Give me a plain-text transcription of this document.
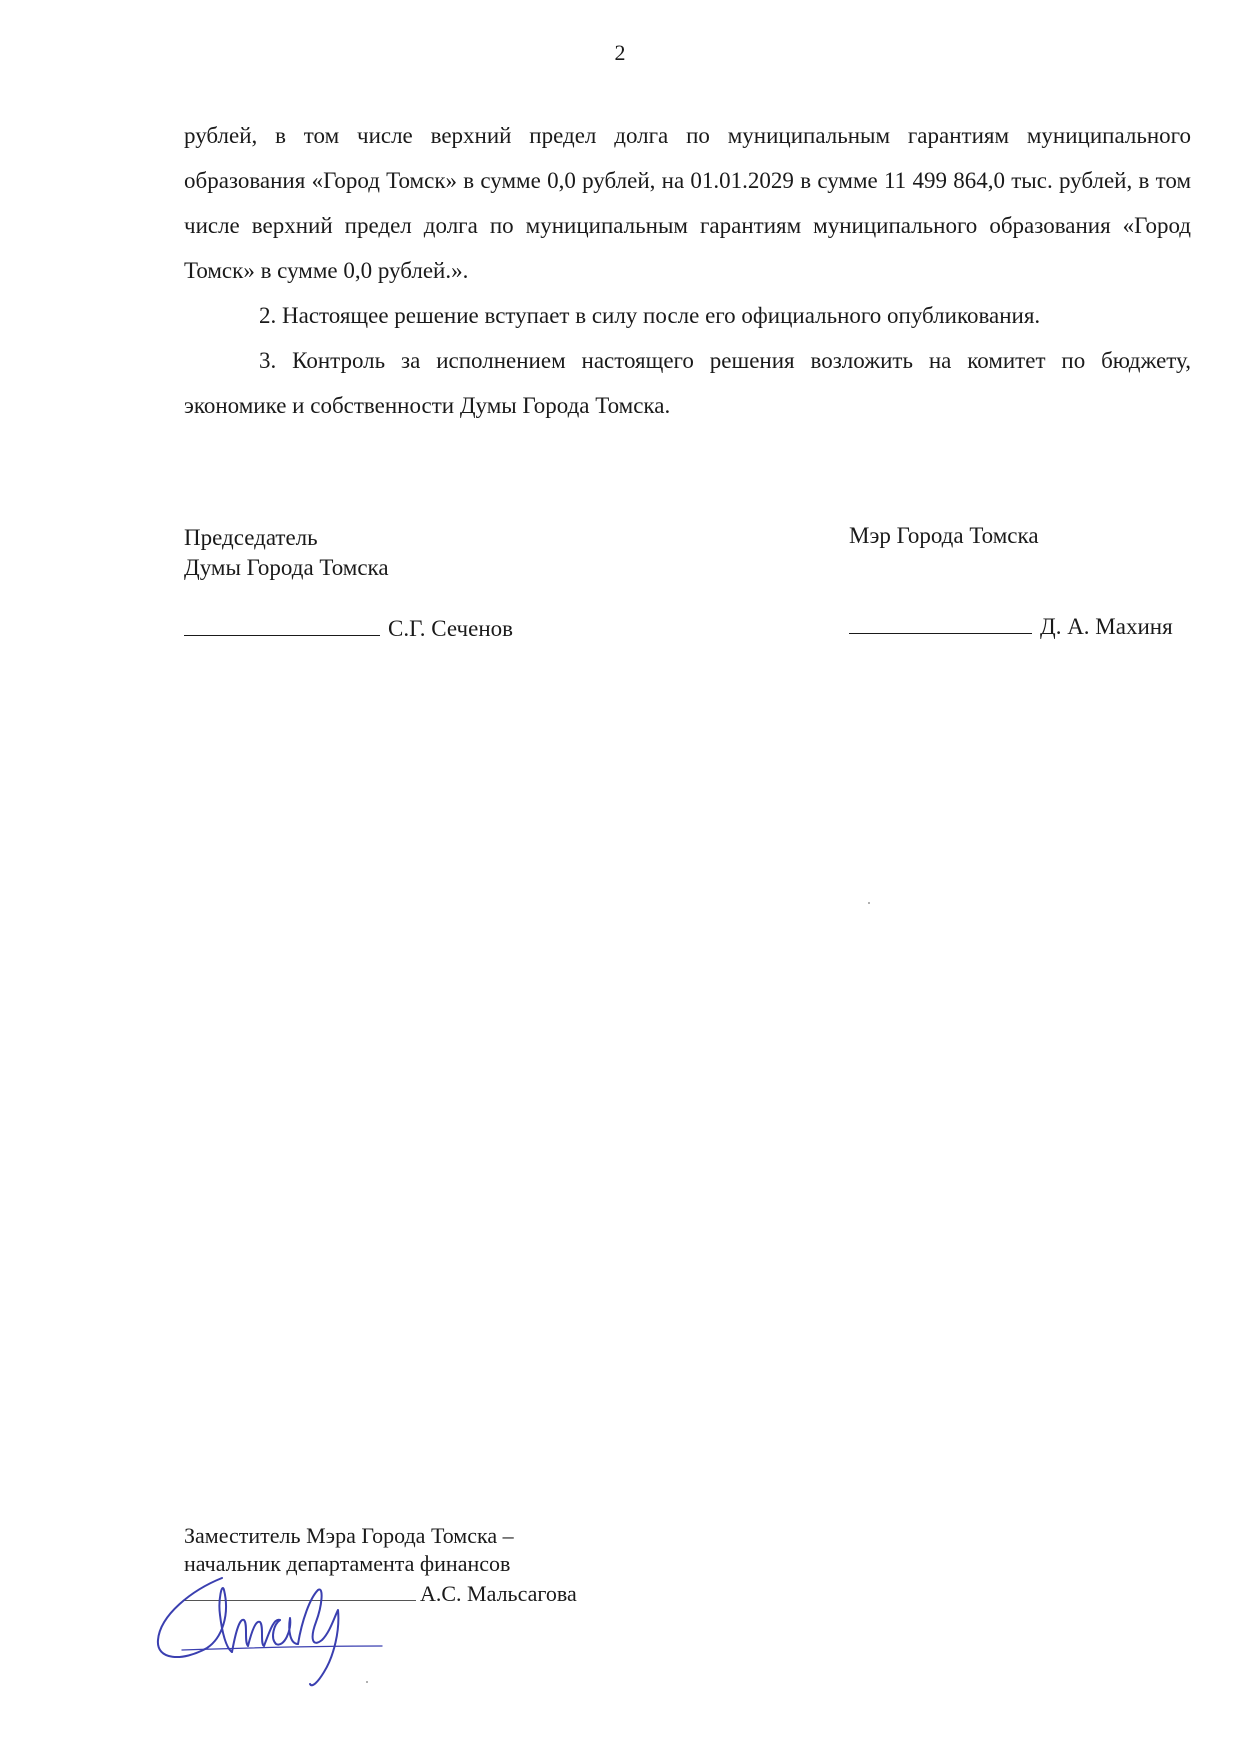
2

рублей, в том числе верхний предел долга по муниципальным гарантиям муниципального образования «Город Томск» в сумме 0,0 рублей, на 01.01.2029 в сумме 11 499 864,0 тыс. рублей, в том числе верхний предел долга по муниципальным гарантиям муниципального образования «Город Томск» в сумме 0,0 рублей.».

2. Настоящее решение вступает в силу после его официального опубликования.

3. Контроль за исполнением настоящего решения возложить на комитет по бюджету, экономике и собственности Думы Города Томска.

Председатель
Думы Города Томска
Мэр Города Томска
С.Г. Сеченов	Д. А. Махиня
Заместитель Мэра Города Томска –
начальник департамента финансов
А.С. Мальсагова
